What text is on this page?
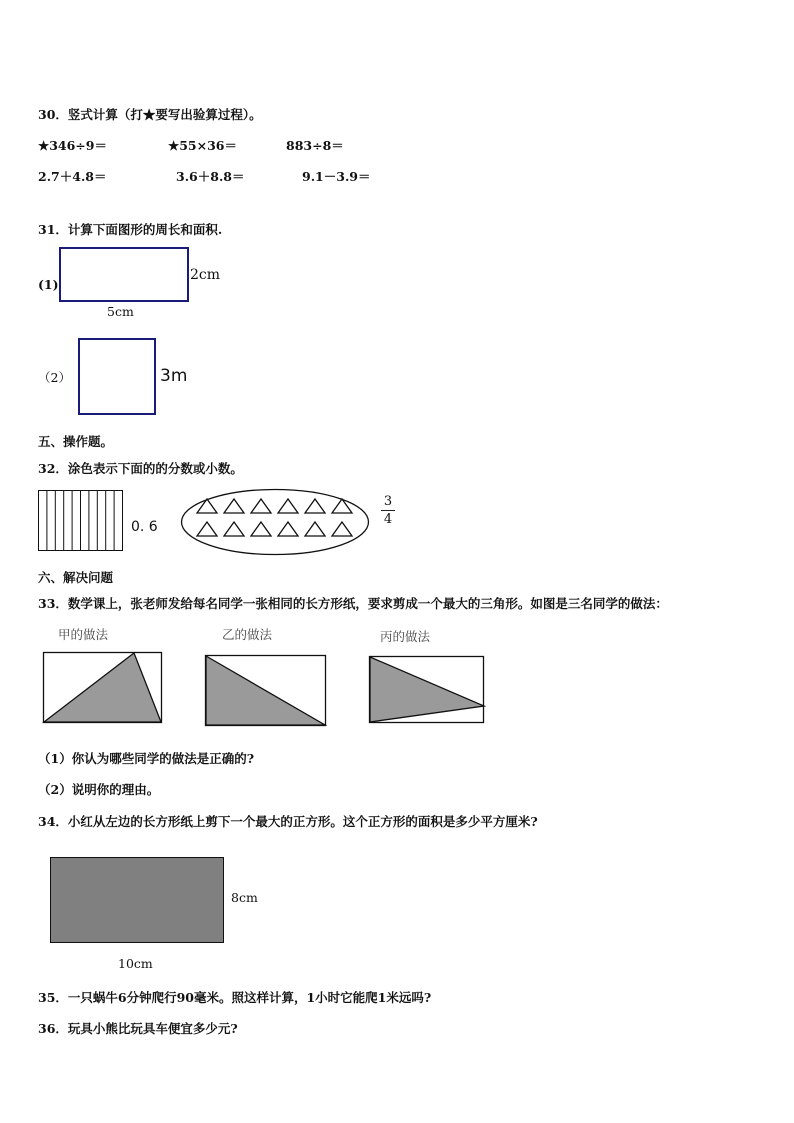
30．竖式计算（打★要写出验算过程）。
★346÷9＝	★55×36＝	883÷8＝
2.7＋4.8＝	3.6＋8.8＝	9.1－3.9＝
31．计算下面图形的周长和面积.
(1)
2cm
5cm
（2）	3m
五、操作题。
32．涂色表示下面的的分数或小数。
0. 6
3
4
六、解决问题
33．数学课上，张老师发给每名同学一张相同的长方形纸，要求剪成一个最大的三角形。如图是三名同学的做法：
甲的做法	乙的做法	丙的做法
（1）你认为哪些同学的做法是正确的?
（2）说明你的理由。
34．小红从左边的长方形纸上剪下一个最大的正方形。这个正方形的面积是多少平方厘米?
8cm
10cm
35．一只蜗牛6分钟爬行90毫米。照这样计算，1小时它能爬1米远吗?
36．玩具小熊比玩具车便宜多少元?
